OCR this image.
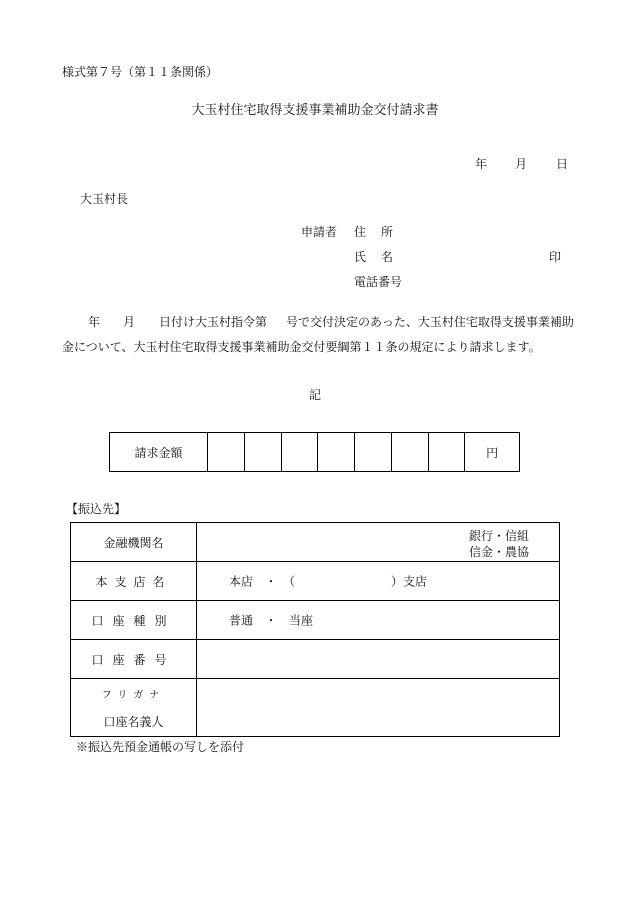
様式第７号（第１１条関係）
大玉村住宅取得支援事業補助金交付請求書
年 月 日
大玉村長
申請者 住所
氏名	印
電話番号
年 月 日付け大玉村指令第 号で交付決定のあった、大玉村住宅取得支援事業補助
金について、大玉村住宅取得支援事業補助金交付要綱第１１条の規定により請求します。
記
請求金額	円
【振込先】
金融機関名	銀行・信組
信金・農協
本支店名	本店　・　（　　　　　　　　）支店
口座種別	普通　・　当座
口座番号
フリガナ
口座名義人
※振込先預金通帳の写しを添付
